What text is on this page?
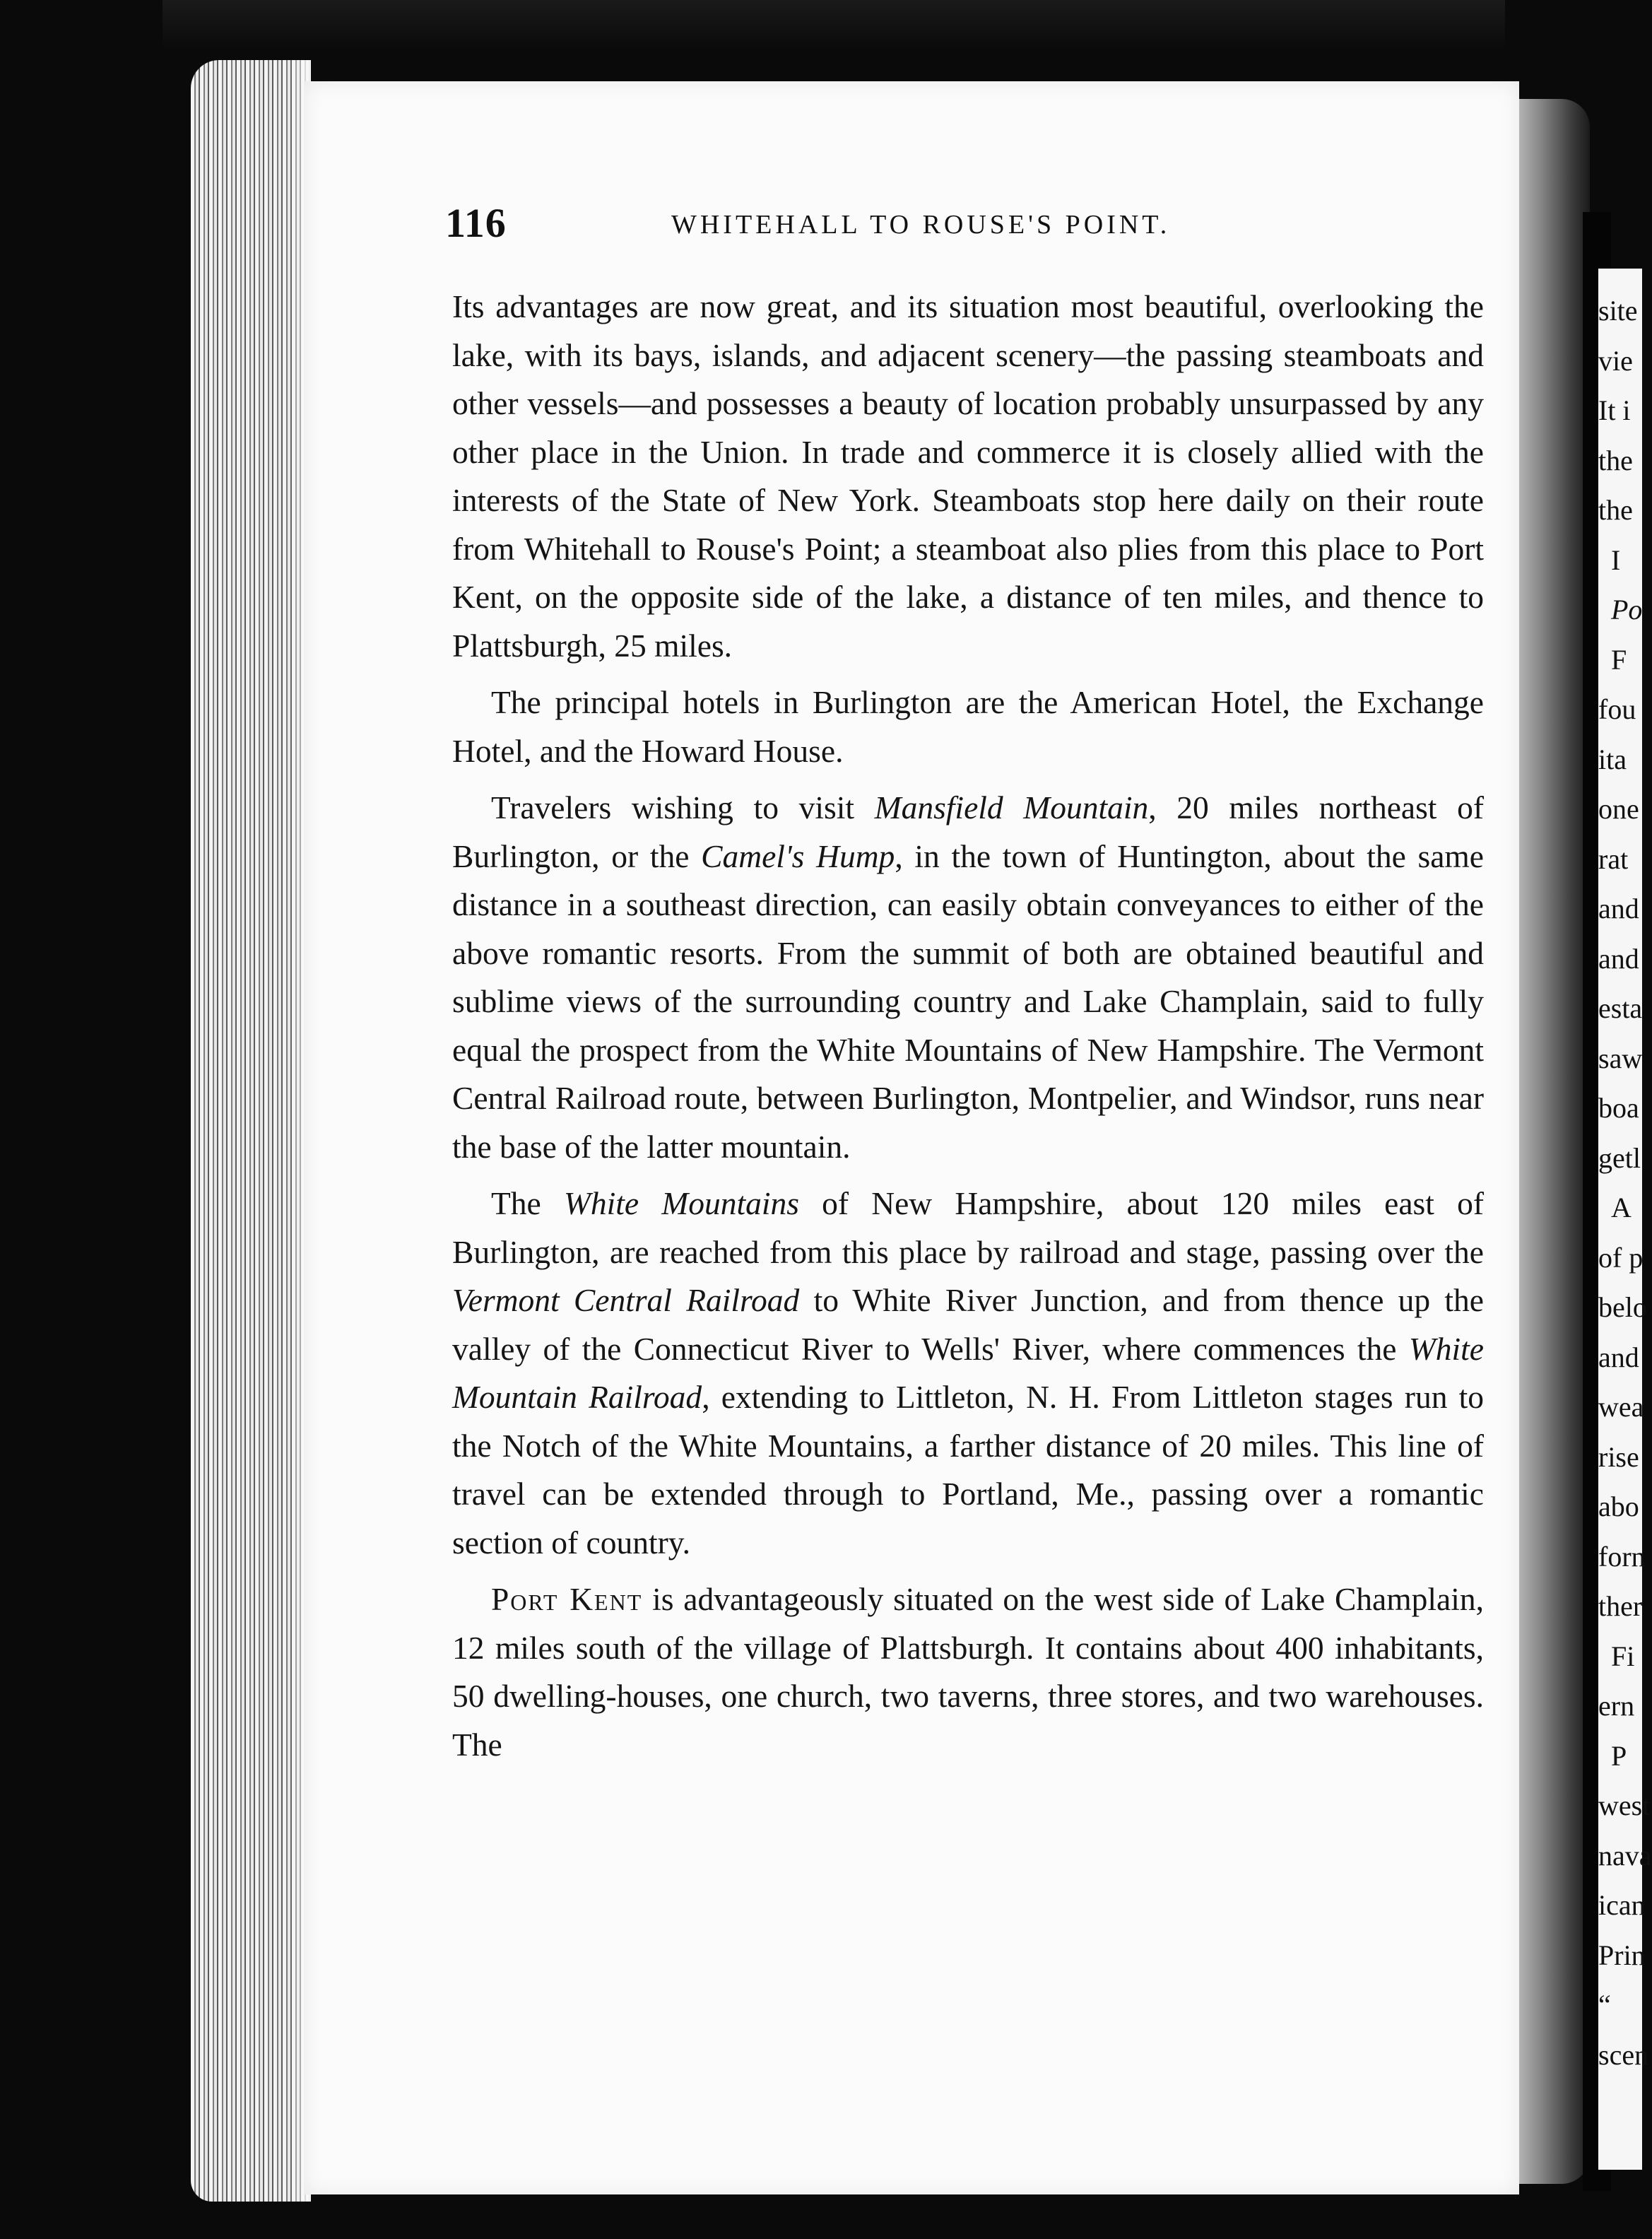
116	WHITEHALL TO ROUSE'S POINT.

Its advantages are now great, and its situation most beautiful, overlooking the lake, with its bays, islands, and adjacent scenery—the passing steamboats and other vessels—and possesses a beauty of location probably unsurpassed by any other place in the Union. In trade and commerce it is closely allied with the interests of the State of New York. Steamboats stop here daily on their route from Whitehall to Rouse's Point; a steamboat also plies from this place to Port Kent, on the opposite side of the lake, a distance of ten miles, and thence to Plattsburgh, 25 miles.

The principal hotels in Burlington are the American Hotel, the Exchange Hotel, and the Howard House.

Travelers wishing to visit Mansfield Mountain, 20 miles northeast of Burlington, or the Camel's Hump, in the town of Huntington, about the same distance in a southeast direction, can easily obtain conveyances to either of the above romantic resorts. From the summit of both are obtained beautiful and sublime views of the surrounding country and Lake Champlain, said to fully equal the prospect from the White Mountains of New Hampshire. The Vermont Central Railroad route, between Burlington, Montpelier, and Windsor, runs near the base of the latter mountain.

The White Mountains of New Hampshire, about 120 miles east of Burlington, are reached from this place by railroad and stage, passing over the Vermont Central Railroad to White River Junction, and from thence up the valley of the Connecticut River to Wells' River, where commences the White Mountain Railroad, extending to Littleton, N. H. From Littleton stages run to the Notch of the White Mountains, a farther distance of 20 miles. This line of travel can be extended through to Portland, Me., passing over a romantic section of country.

Port Kent is advantageously situated on the west side of Lake Champlain, 12 miles south of the village of Plattsburgh. It contains about 400 inhabitants, 50 dwelling-houses, one church, two taverns, three stores, and two warehouses. The

site
vie
It i
the
the
I
Po
F
fou
ita
one
rat
and
and
esta
saw
boa
getl
A
of p
belo
and
wea
rise
abo
forn
ther
Fi
ern
P
west
nava
ican
Prin
“
scen
